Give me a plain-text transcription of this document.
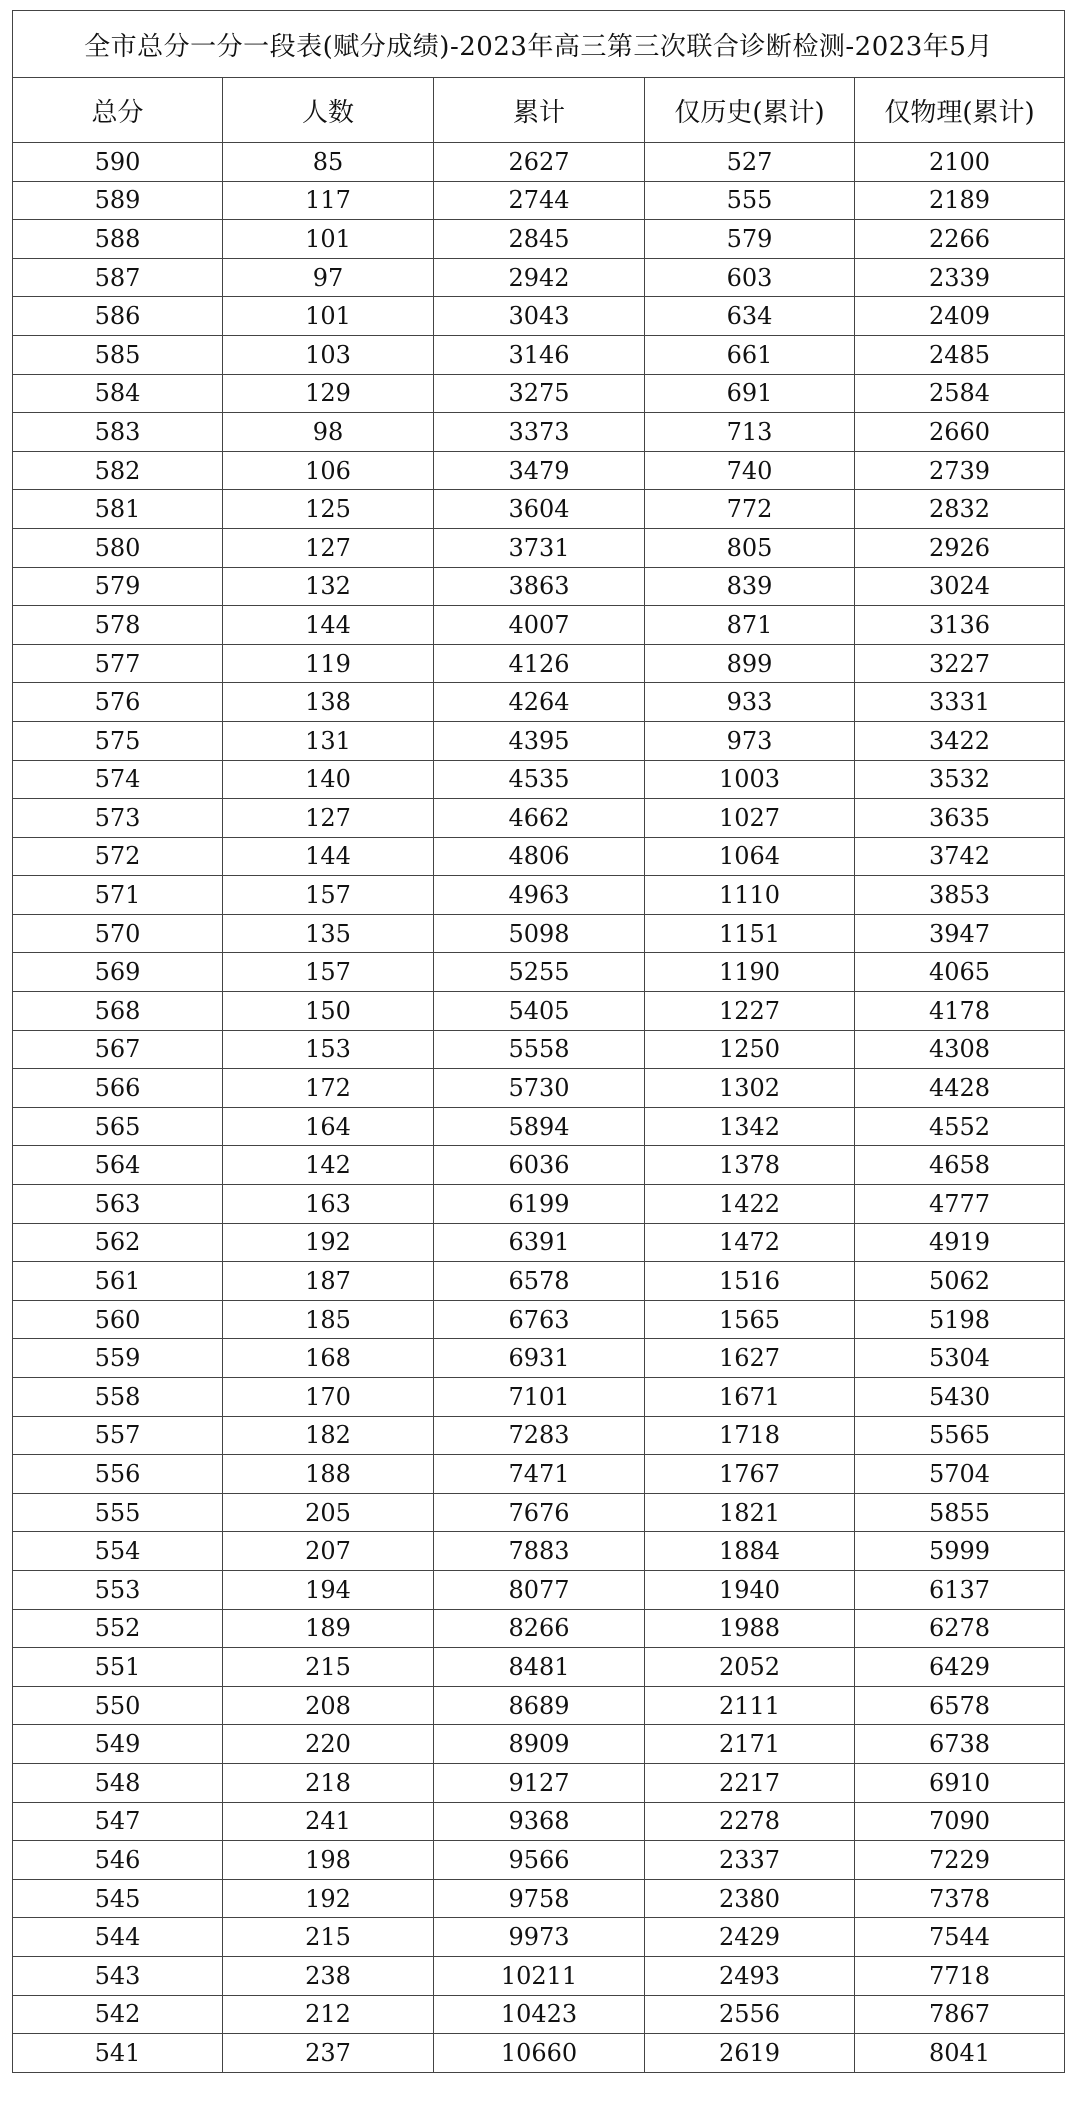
全市总分一分一段表(赋分成绩)-2023年高三第三次联合诊断检测-2023年5月				
总分	人数	累计	仅历史(累计)	仅物理(累计)
590	85	2627	527	2100
589	117	2744	555	2189
588	101	2845	579	2266
587	97	2942	603	2339
586	101	3043	634	2409
585	103	3146	661	2485
584	129	3275	691	2584
583	98	3373	713	2660
582	106	3479	740	2739
581	125	3604	772	2832
580	127	3731	805	2926
579	132	3863	839	3024
578	144	4007	871	3136
577	119	4126	899	3227
576	138	4264	933	3331
575	131	4395	973	3422
574	140	4535	1003	3532
573	127	4662	1027	3635
572	144	4806	1064	3742
571	157	4963	1110	3853
570	135	5098	1151	3947
569	157	5255	1190	4065
568	150	5405	1227	4178
567	153	5558	1250	4308
566	172	5730	1302	4428
565	164	5894	1342	4552
564	142	6036	1378	4658
563	163	6199	1422	4777
562	192	6391	1472	4919
561	187	6578	1516	5062
560	185	6763	1565	5198
559	168	6931	1627	5304
558	170	7101	1671	5430
557	182	7283	1718	5565
556	188	7471	1767	5704
555	205	7676	1821	5855
554	207	7883	1884	5999
553	194	8077	1940	6137
552	189	8266	1988	6278
551	215	8481	2052	6429
550	208	8689	2111	6578
549	220	8909	2171	6738
548	218	9127	2217	6910
547	241	9368	2278	7090
546	198	9566	2337	7229
545	192	9758	2380	7378
544	215	9973	2429	7544
543	238	10211	2493	7718
542	212	10423	2556	7867
541	237	10660	2619	8041
